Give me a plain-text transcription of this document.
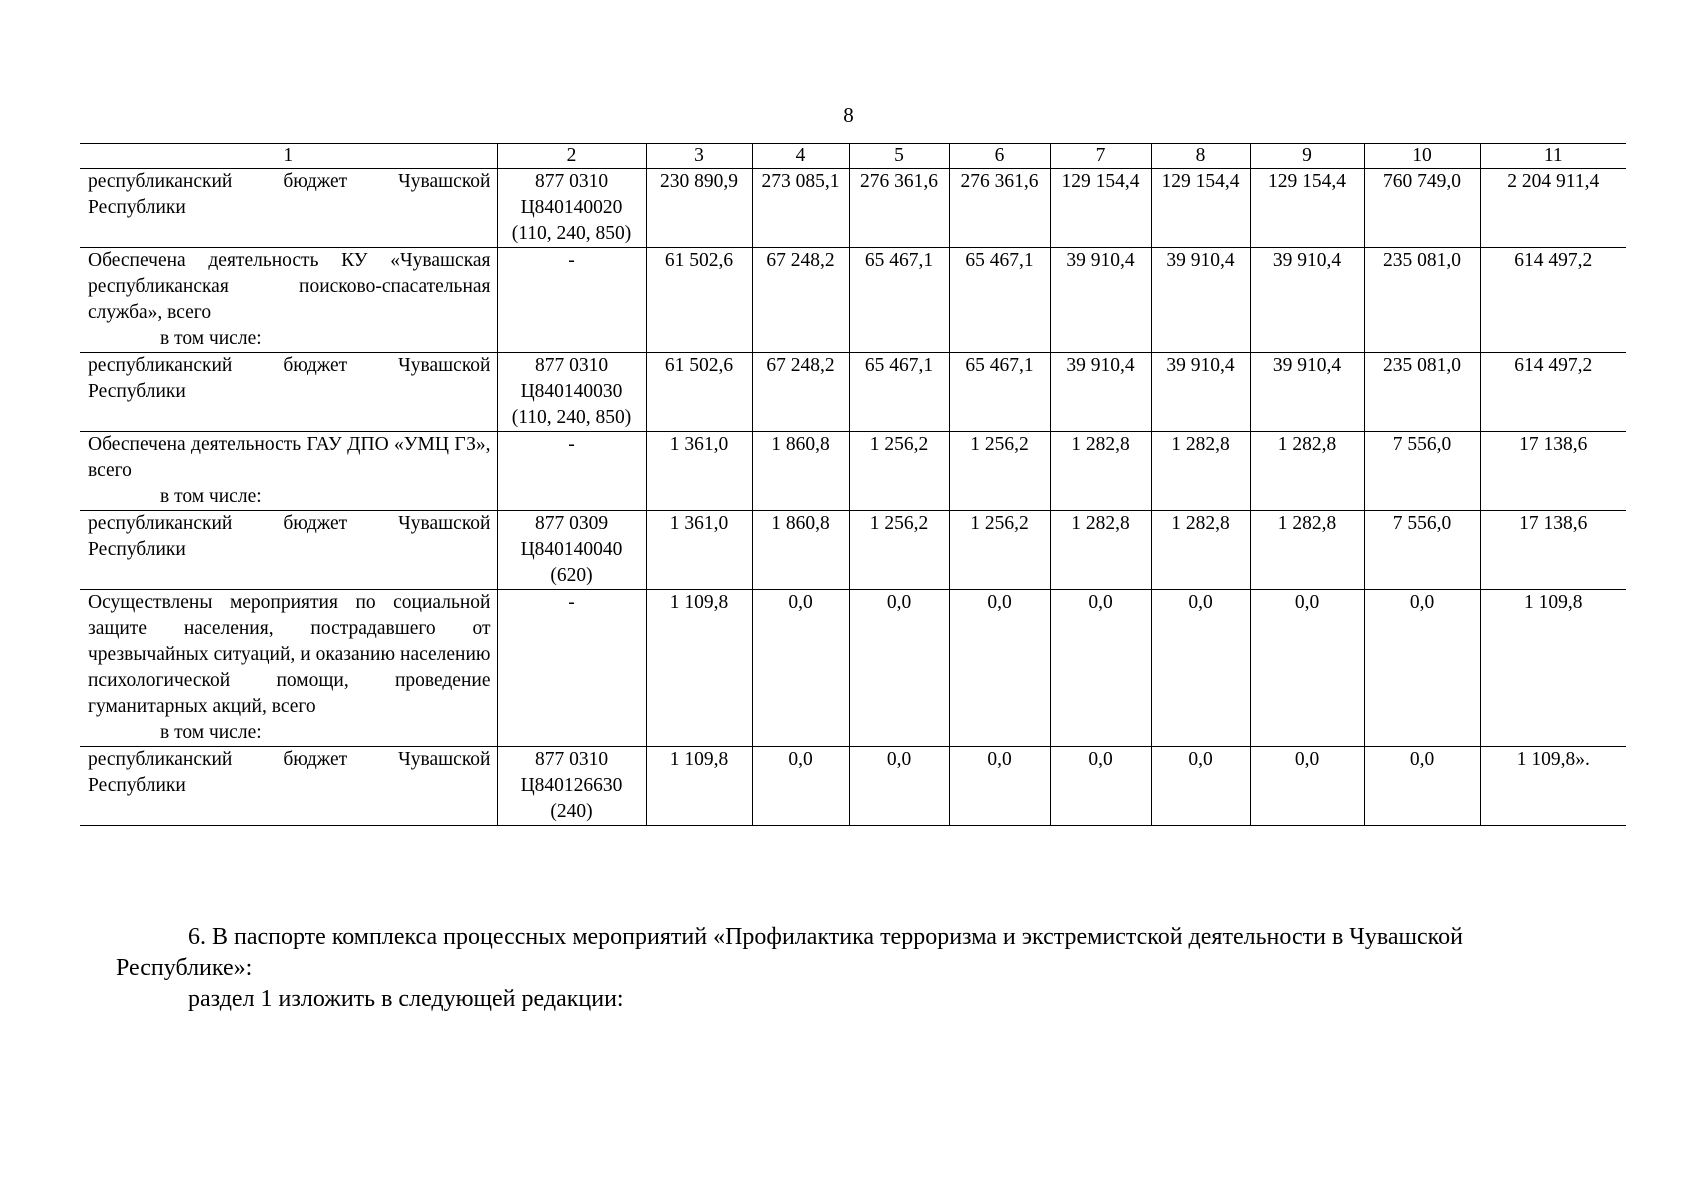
8
1	2	3	4	5	6	7	8	9	10	11

республиканский бюджет Чувашской Республики	877 0310 Ц840140020 (110, 240, 850)	230 890,9	273 085,1	276 361,6	276 361,6	129 154,4	129 154,4	129 154,4	760 749,0	2 204 911,4

Обеспечена деятельность КУ «Чувашская республиканская поисково-спасательная служба», всего
в том числе:	-	61 502,6	67 248,2	65 467,1	65 467,1	39 910,4	39 910,4	39 910,4	235 081,0	614 497,2

республиканский бюджет Чувашской Республики	877 0310 Ц840140030 (110, 240, 850)	61 502,6	67 248,2	65 467,1	65 467,1	39 910,4	39 910,4	39 910,4	235 081,0	614 497,2

Обеспечена деятельность ГАУ ДПО «УМЦ ГЗ», всего
в том числе:	-	1 361,0	1 860,8	1 256,2	1 256,2	1 282,8	1 282,8	1 282,8	7 556,0	17 138,6

республиканский бюджет Чувашской Республики	877 0309 Ц840140040 (620)	1 361,0	1 860,8	1 256,2	1 256,2	1 282,8	1 282,8	1 282,8	7 556,0	17 138,6

Осуществлены мероприятия по социальной защите населения, пострадавшего от чрезвычайных ситуаций, и оказанию населению психологической помощи, проведение гуманитарных акций, всего
в том числе:	-	1 109,8	0,0	0,0	0,0	0,0	0,0	0,0	0,0	1 109,8

республиканский бюджет Чувашской Республики	877 0310 Ц840126630 (240)	1 109,8	0,0	0,0	0,0	0,0	0,0	0,0	0,0	1 109,8».

6. В паспорте комплекса процессных мероприятий «Профилактика терроризма и экстремистской деятельности в Чувашской Республике»:

раздел 1 изложить в следующей редакции:
